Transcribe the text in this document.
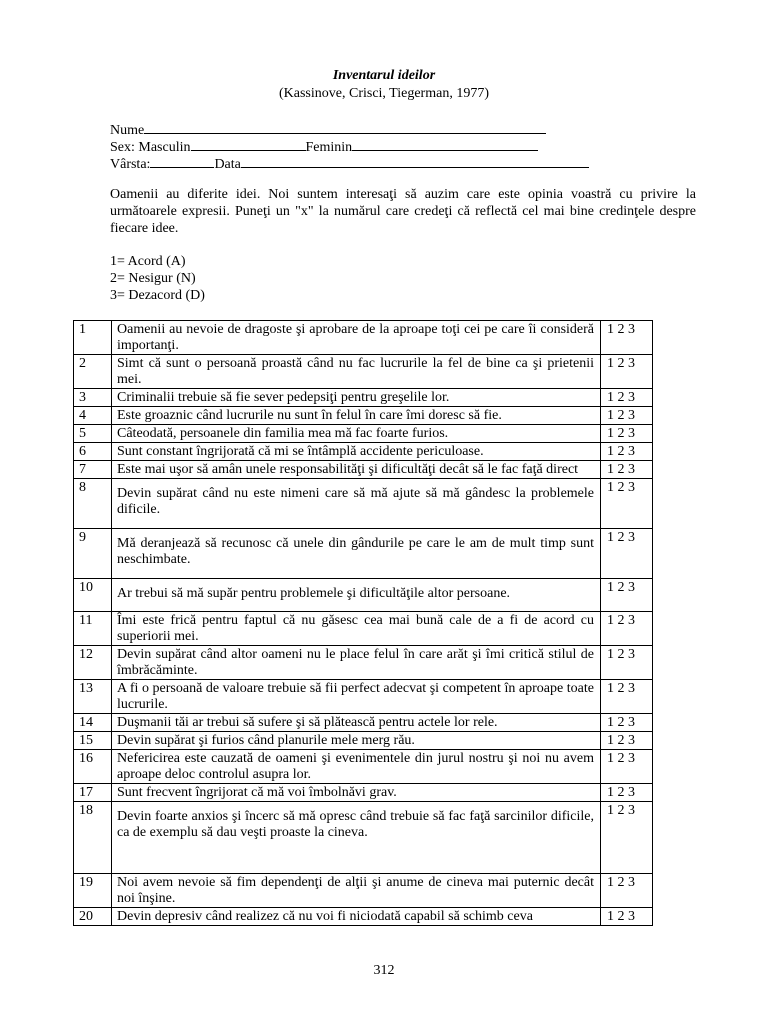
Inventarul ideilor
(Kassinove, Crisci, Tiegerman, 1977)
Nume
Sex: Masculin	Feminin
Vârsta:	Data
Oamenii au diferite idei. Noi suntem interesaţi să auzim care este opinia voastră cu privire la următoarele expresii. Puneţi un "x" la numărul care credeţi că reflectă cel mai bine credinţele despre fiecare idee.
1= Acord (A)
2= Nesigur (N)
3= Dezacord (D)
1	Oamenii au nevoie de dragoste şi aprobare de la aproape toţi cei pe care îi consideră importanţi.	1 2 3
2	Simt că sunt o persoană proastă când nu fac lucrurile la fel de bine ca şi prietenii mei.	1 2 3
3	Criminalii trebuie să fie sever pedepsiţi pentru greşelile lor.	1 2 3
4	Este groaznic când lucrurile nu sunt în felul în care îmi doresc să fie.	1 2 3
5	Câteodată, persoanele din familia mea mă fac foarte furios.	1 2 3
6	Sunt constant îngrijorată că mi se întâmplă accidente periculoase.	1 2 3
7	Este mai uşor să amân unele responsabilităţi şi dificultăţi decât să le fac faţă direct	1 2 3
8	Devin supărat când nu este nimeni care să mă ajute să mă gândesc la problemele dificile.	1 2 3
9	Mă deranjează să recunosc că unele din gândurile pe care le am de mult timp sunt neschimbate.	1 2 3
10	Ar trebui să mă supăr pentru problemele şi dificultăţile altor persoane.	1 2 3
11	Îmi este frică pentru faptul că nu găsesc cea mai bună cale de a fi de acord cu superiorii mei.	1 2 3
12	Devin supărat când altor oameni nu le place felul în care arăt şi îmi critică stilul de îmbrăcăminte.	1 2 3
13	A fi o persoană de valoare trebuie să fii perfect adecvat şi competent în aproape toate lucrurile.	1 2 3
14	Duşmanii tăi ar trebui să sufere şi să plătească pentru actele lor rele.	1 2 3
15	Devin supărat şi furios când planurile mele merg rău.	1 2 3
16	Nefericirea este cauzată de oameni şi evenimentele din jurul nostru şi noi nu avem aproape deloc controlul asupra lor.	1 2 3
17	Sunt frecvent îngrijorat că mă voi îmbolnăvi grav.	1 2 3
18	Devin foarte anxios şi încerc să mă opresc când trebuie să fac faţă sarcinilor dificile, ca de exemplu să dau veşti proaste la cineva.	1 2 3
19	Noi avem nevoie să fim dependenţi de alţii şi anume de cineva mai puternic decât noi înşine.	1 2 3
20	Devin depresiv când realizez că nu voi fi niciodată capabil să schimb ceva	1 2 3
312
